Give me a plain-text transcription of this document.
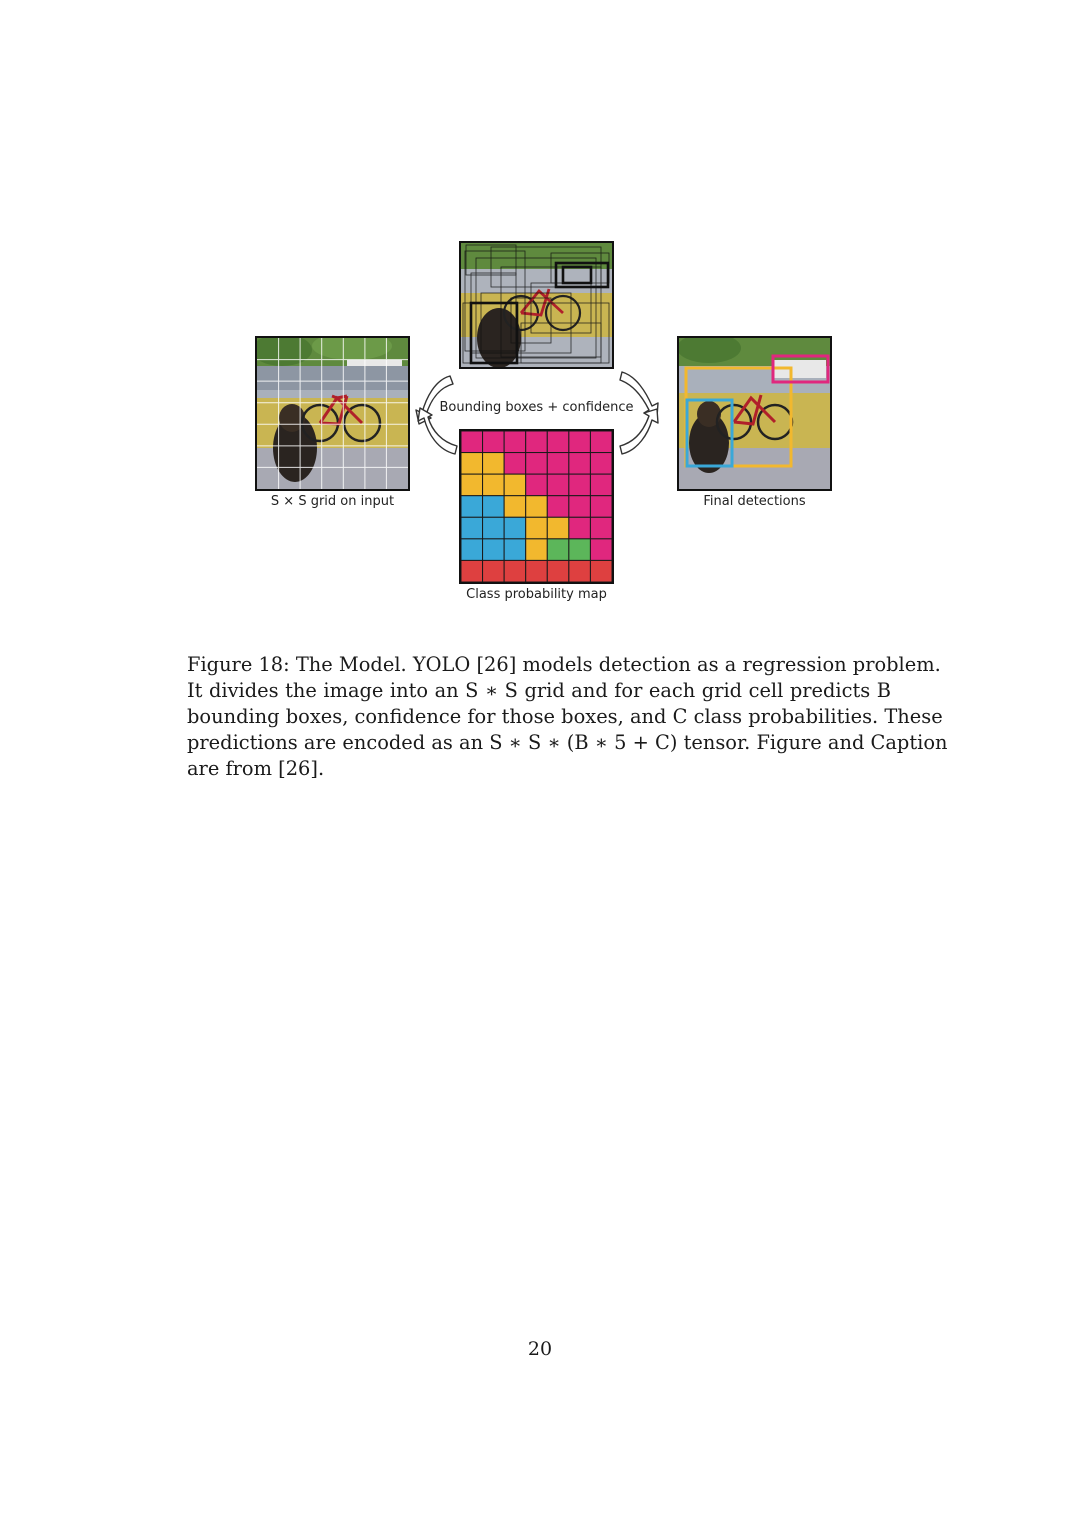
S × S grid on input
Bounding boxes + confidence
Class probability map
Final detections
Figure 18: The Model. YOLO [26] models detection as a regression problem.
It divides the image into an S ∗ S grid and for each grid cell predicts B
bounding boxes, confidence for those boxes, and C class probabilities. These
predictions are encoded as an S ∗ S ∗ (B ∗ 5 + C) tensor. Figure and Caption
are from [26].
20
